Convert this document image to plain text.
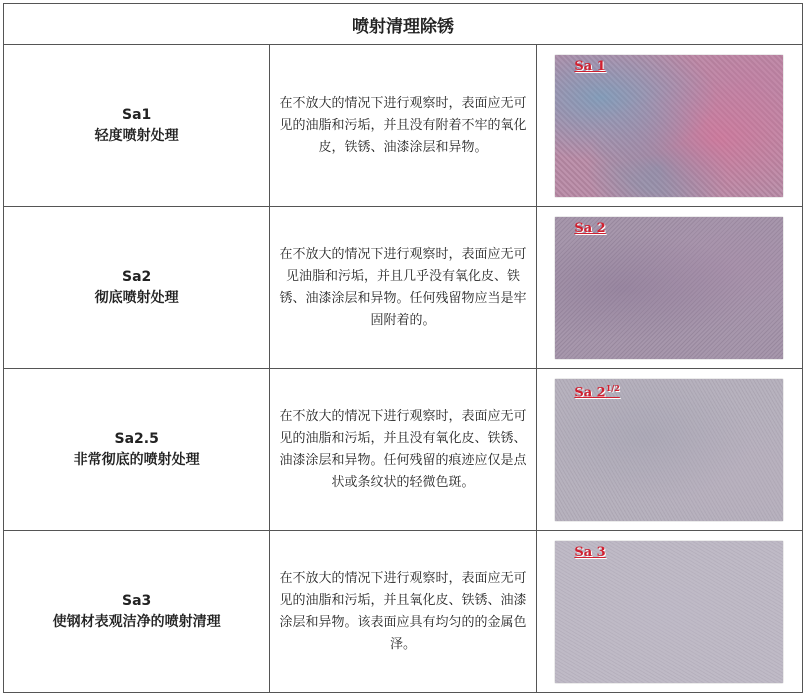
喷射清理除锈		

Sa1
轻度喷射处理	在不放大的情况下进行观察时，表面应无可见的油脂和污垢，并且没有附着不牢的氧化皮，铁锈、油漆涂层和异物。	Sa 1

Sa2
彻底喷射处理	在不放大的情况下进行观察时，表面应无可见油脂和污垢，并且几乎没有氧化皮、铁锈、油漆涂层和异物。任何残留物应当是牢固附着的。	Sa 2

Sa2.5
非常彻底的喷射处理	在不放大的情况下进行观察时，表面应无可见的油脂和污垢，并且没有氧化皮、铁锈、油漆涂层和异物。任何残留的痕迹应仅是点状或条纹状的轻微色斑。	Sa $2^{1/2}$

Sa3
使钢材表观洁净的喷射清理	在不放大的情况下进行观察时，表面应无可见的油脂和污垢，并且氧化皮、铁锈、油漆涂层和异物。该表面应具有均匀的的金属色泽。	Sa 3
